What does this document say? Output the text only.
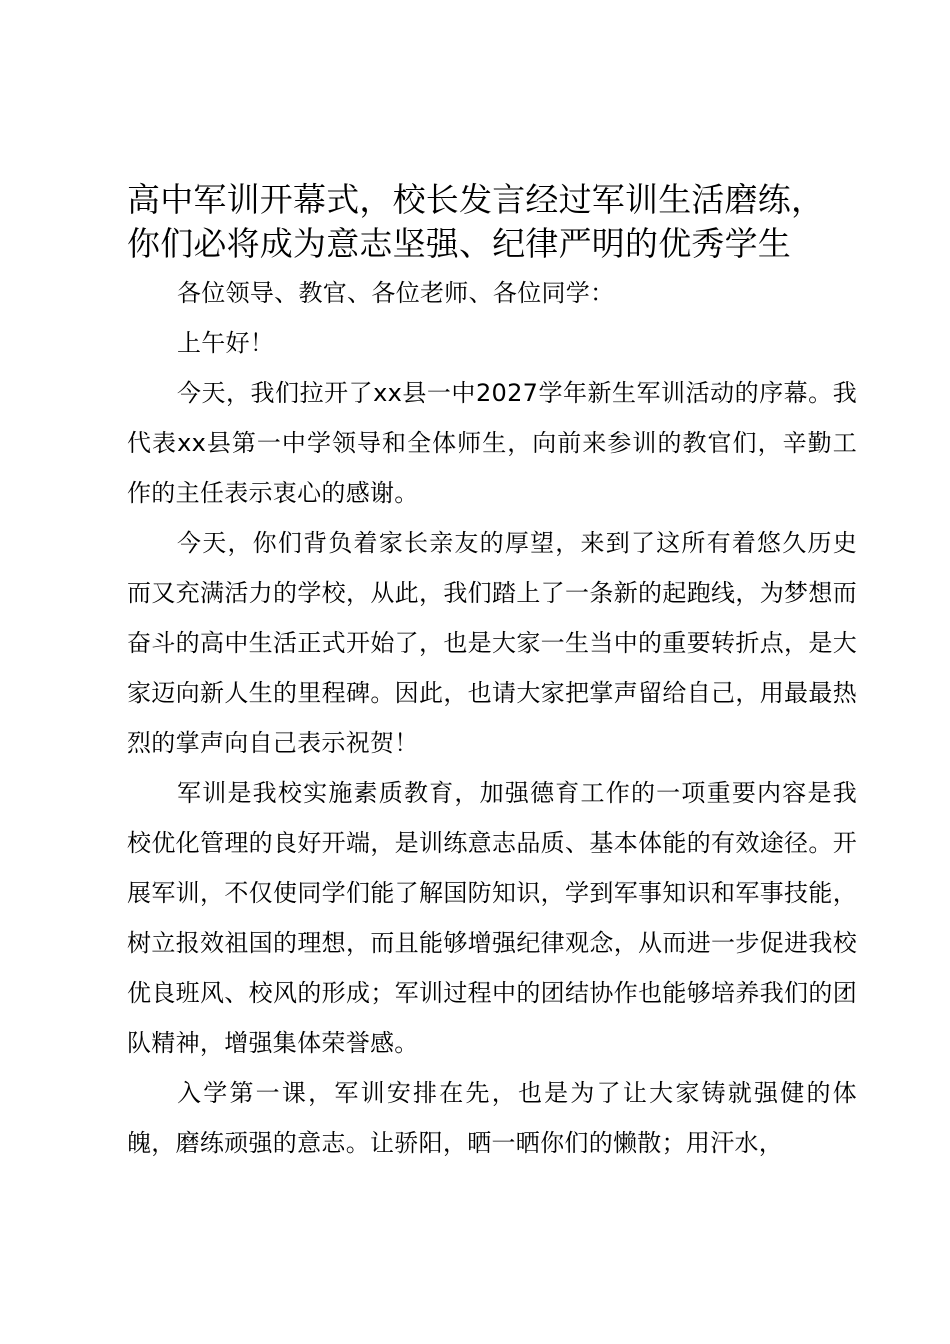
高中军训开幕式，校长发言经过军训生活磨练，你们必将成为意志坚强、纪律严明的优秀学生

各位领导、教官、各位老师、各位同学：

上午好！

今天，我们拉开了xx县一中2027学年新生军训活动的序幕。我代表xx县第一中学领导和全体师生，向前来参训的教官们，辛勤工作的主任表示衷心的感谢。

今天，你们背负着家长亲友的厚望，来到了这所有着悠久历史而又充满活力的学校，从此，我们踏上了一条新的起跑线，为梦想而奋斗的高中生活正式开始了，也是大家一生当中的重要转折点，是大家迈向新人生的里程碑。因此，也请大家把掌声留给自己，用最最热烈的掌声向自己表示祝贺！

军训是我校实施素质教育，加强德育工作的一项重要内容是我校优化管理的良好开端，是训练意志品质、基本体能的有效途径。开展军训，不仅使同学们能了解国防知识，学到军事知识和军事技能，树立报效祖国的理想，而且能够增强纪律观念，从而进一步促进我校优良班风、校风的形成；军训过程中的团结协作也能够培养我们的团队精神，增强集体荣誉感。

入学第一课，军训安排在先，也是为了让大家铸就强健的体魄，磨练顽强的意志。让骄阳，晒一晒你们的懒散；用汗水，
